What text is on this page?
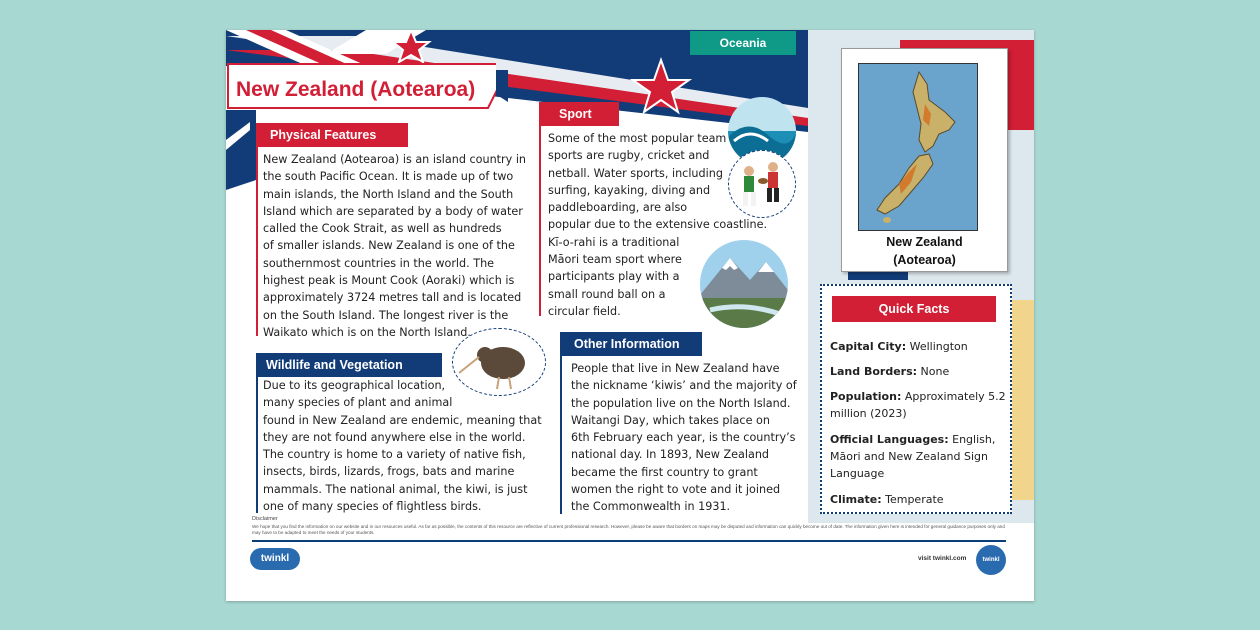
New Zealand (Aotearoa)
Oceania
Physical Features
New Zealand (Aotearoa) is an island country in
the south Pacific Ocean. It is made up of two
main islands, the North Island and the South
Island which are separated by a body of water
called the Cook Strait, as well as hundreds
of smaller islands. New Zealand is one of the
southernmost countries in the world. The
highest peak is Mount Cook (Aoraki) which is
approximately 3724 metres tall and is located
on the South Island. The longest river is the
Waikato which is on the North Island.
Sport
Some of the most popular team
sports are rugby, cricket and
netball. Water sports, including
surfing, kayaking, diving and
paddleboarding, are also
popular due to the extensive coastline.
Kī-o-rahi is a traditional
Māori team sport where
participants play with a
small round ball on a
circular field.
Wildlife and Vegetation
Due to its geographical location,
many species of plant and animal
found in New Zealand are endemic, meaning that
they are not found anywhere else in the world.
The country is home to a variety of native fish,
insects, birds, lizards, frogs, bats and marine
mammals. The national animal, the kiwi, is just
one of many species of flightless birds.
Other Information
People that live in New Zealand have
the nickname ‘kiwis’ and the majority of
the population live on the North Island.
Waitangi Day, which takes place on
6th February each year, is the country’s
national day. In 1893, New Zealand
became the first country to grant
women the right to vote and it joined
the Commonwealth in 1931.
New Zealand
(Aotearoa)
Quick Facts
Capital City: Wellington
Land Borders: None
Population: Approximately 5.2 million (2023)
Official Languages: English, Māori and New Zealand Sign Language
Climate: Temperate
Disclaimer
We hope that you find the information on our website and in our resources useful. As far as possible, the contents of this resource are reflective of current professional research. However, please be aware that borders on maps may be disputed and information can quickly become out of date. The information given here is intended for general guidance purposes only and may have to be adapted to meet the needs of your students.
twinkl	visit twinkl.com	twinkl
